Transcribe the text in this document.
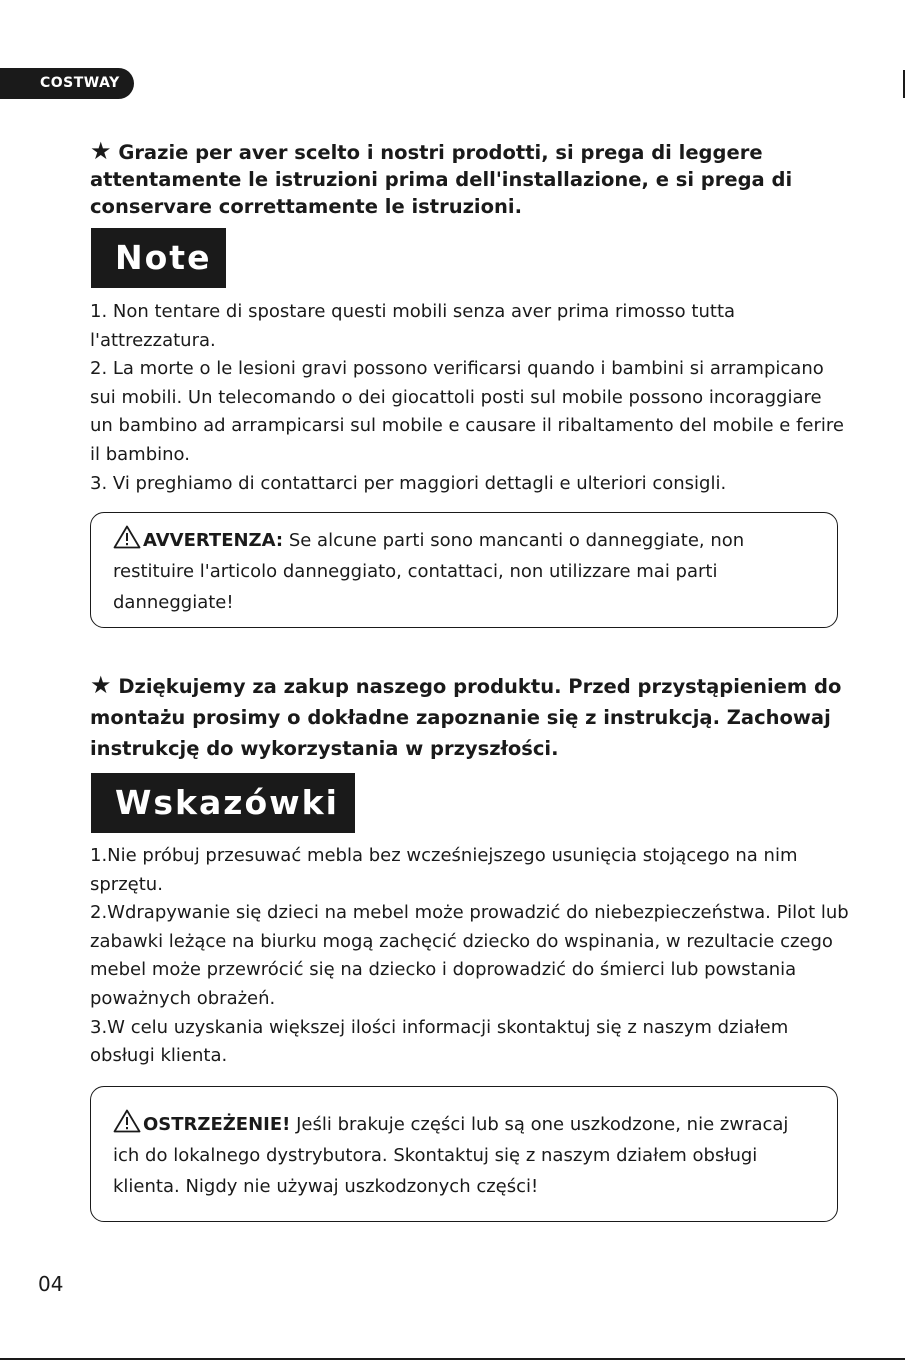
COSTWAY
★ Grazie per aver scelto i nostri prodotti, si prega di leggere attentamente le istruzioni prima dell'installazione, e si prega di conservare correttamente le istruzioni.
Note

1. Non tentare di spostare questi mobili senza aver prima rimosso tutta l'attrezzatura.

2. La morte o le lesioni gravi possono verificarsi quando i bambini si arrampicano sui mobili. Un telecomando o dei giocattoli posti sul mobile possono incoraggiare un bambino ad arrampicarsi sul mobile e causare il ribaltamento del mobile e ferire il bambino.

3. Vi preghiamo di contattarci per maggiori dettagli e ulteriori consigli.

AVVERTENZA: Se alcune parti sono mancanti o danneggiate, non restituire l'articolo danneggiato, contattaci, non utilizzare mai parti danneggiate!
★ Dziękujemy za zakup naszego produktu. Przed przystąpieniem do montażu prosimy o dokładne zapoznanie się z instrukcją. Zachowaj instrukcję do wykorzystania w przyszłości.
Wskazówki

1.Nie próbuj przesuwać mebla bez wcześniejszego usunięcia stojącego na nim sprzętu.

2.Wdrapywanie się dzieci na mebel może prowadzić do niebezpieczeństwa. Pilot lub zabawki leżące na biurku mogą zachęcić dziecko do wspinania, w rezultacie czego mebel może przewrócić się na dziecko i doprowadzić do śmierci lub powstania poważnych obrażeń.

3.W celu uzyskania większej ilości informacji skontaktuj się z naszym działem obsługi klienta.

OSTRZEŻENIE! Jeśli brakuje części lub są one uszkodzone, nie zwracaj ich do lokalnego dystrybutora. Skontaktuj się z naszym działem obsługi klienta. Nigdy nie używaj uszkodzonych części!
04
